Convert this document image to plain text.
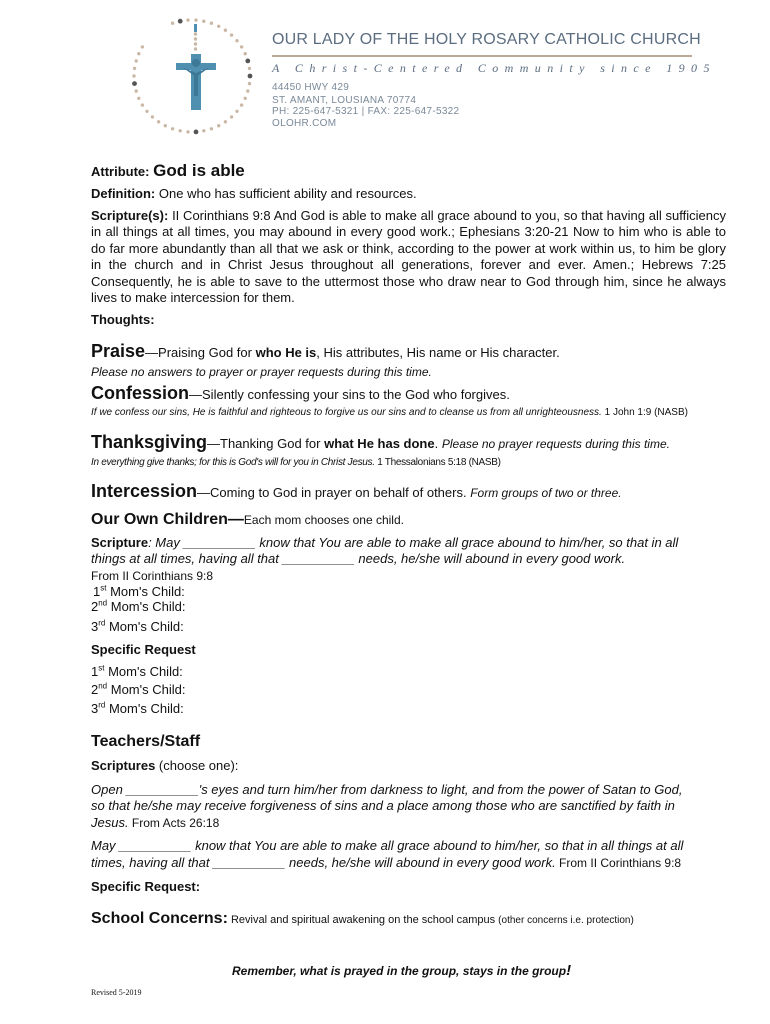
OUR LADY OF THE HOLY ROSARY CATHOLIC CHURCH
A Christ-Centered Community since 1905
44450 HWY 429
ST. AMANT, LOUSIANA 70774
PH: 225-647-5321 | FAX: 225-647-5322
OLOHR.COM
Attribute: God is able
Definition: One who has sufficient ability and resources.
Scripture(s): II Corinthians 9:8 And God is able to make all grace abound to you, so that having all sufficiency in all things at all times, you may abound in every good work.; Ephesians 3:20-21 Now to him who is able to do far more abundantly than all that we ask or think, according to the power at work within us, to him be glory in the church and in Christ Jesus throughout all generations, forever and ever. Amen.; Hebrews 7:25 Consequently, he is able to save to the uttermost those who draw near to God through him, since he always lives to make intercession for them.
Thoughts:
Praise—Praising God for who He is, His attributes, His name or His character.
Please no answers to prayer or prayer requests during this time.
Confession—Silently confessing your sins to the God who forgives.
If we confess our sins, He is faithful and righteous to forgive us our sins and to cleanse us from all unrighteousness. 1 John 1:9 (NASB)
Thanksgiving—Thanking God for what He has done. Please no prayer requests during this time.
In everything give thanks; for this is God's will for you in Christ Jesus. 1 Thessalonians 5:18 (NASB)
Intercession—Coming to God in prayer on behalf of others. Form groups of two or three.
Our Own Children—Each mom chooses one child.
Scripture: May __________ know that You are able to make all grace abound to him/her, so that in all
things at all times, having all that __________ needs, he/she will abound in every good work.
From II Corinthians 9:8
1st Mom's Child:
2nd Mom's Child:
3rd Mom's Child:
Specific Request
1st Mom's Child:
2nd Mom's Child:
3rd Mom's Child:
Teachers/Staff
Scriptures (choose one):
Open __________'s eyes and turn him/her from darkness to light, and from the power of Satan to God,
so that he/she may receive forgiveness of sins and a place among those who are sanctified by faith in
Jesus. From Acts 26:18
May __________ know that You are able to make all grace abound to him/her, so that in all things at all
times, having all that __________ needs, he/she will abound in every good work. From II Corinthians 9:8
Specific Request:
School Concerns: Revival and spiritual awakening on the school campus (other concerns i.e. protection)
Remember, what is prayed in the group, stays in the group!
Revised 5-2019
